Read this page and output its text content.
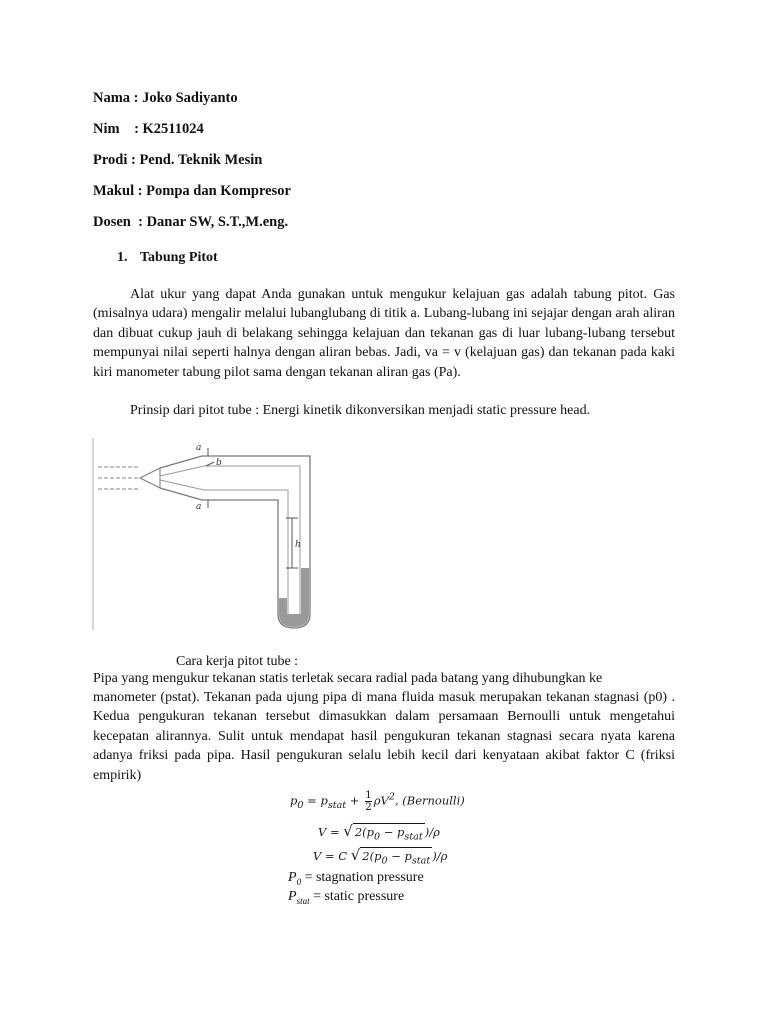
Nama : Joko Sadiyanto
Nim    : K2511024
Prodi : Pend. Teknik Mesin
Makul : Pompa dan Kompresor
Dosen  : Danar SW, S.T.,M.eng.
1. Tabung Pitot

Alat ukur yang dapat Anda gunakan untuk mengukur kelajuan gas adalah tabung pitot. Gas (misalnya udara) mengalir melalui lubanglubang di titik a. Lubang-lubang ini sejajar dengan arah aliran dan dibuat cukup jauh di belakang sehingga kelajuan dan tekanan gas di luar lubang-lubang tersebut mempunyai nilai seperti halnya dengan aliran bebas. Jadi, va = v (kelajuan gas) dan tekanan pada kaki kiri manometer tabung pilot sama dengan tekanan aliran gas (Pa).

Prinsip dari pitot tube : Energi kinetik dikonversikan menjadi static pressure head.

a
b
a
h
Cara kerja pitot tube :
Pipa yang mengukur tekanan statis terletak secara radial pada batang yang dihubungkan ke

manometer (pstat). Tekanan pada ujung pipa di mana fluida masuk merupakan tekanan stagnasi (p0) . Kedua pengukuran tekanan tersebut dimasukkan dalam persamaan Bernoulli untuk mengetahui kecepatan alirannya. Sulit untuk mendapat hasil pengukuran tekanan stagnasi secara nyata karena adanya friksi pada pipa. Hasil pengukuran selalu lebih kecil dari kenyataan akibat faktor C (friksi empirik)

$p_0 = p_{stat} + \frac{1}{2} \rho V^2$, (Bernoulli)
V = √ $2(p_0 - p_{stat}$ )/ρ
V = C √ $2(p_0 - p_{stat}$ )/ρ
$P_0$ = stagnation pressure
$P_{stat}$ = static pressure
